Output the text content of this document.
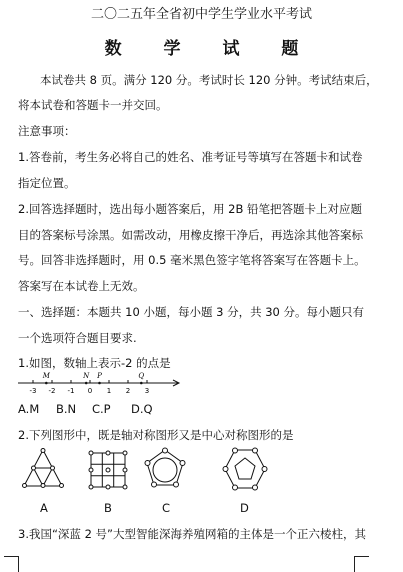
二〇二五年全省初中学生学业水平考试
数 学 试 题
本试卷共 8 页。满分 120 分。考试时长 120 分钟。考试结束后，
将本试卷和答题卡一并交回。
注意事项：
1.答卷前，考生务必将自己的姓名、准考证号等填写在答题卡和试卷
指定位置。
2.回答选择题时，选出每小题答案后，用 2B 铅笔把答题卡上对应题
目的答案标号涂黑。如需改动，用橡皮擦干净后，再选涂其他答案标
号。回答非选择题时，用 0.5 毫米黑色签字笔将答案写在答题卡上。
答案写在本试卷上无效。
一、选择题：本题共 10 小题，每小题 3 分，共 30 分。每小题只有
一个选项符合题目要求.
1.如图，数轴上表示-2 的点是
-3 -2 -1 0 1 2 3
M	N P	Q
A.M B.N C.P D.Q
2.下列图形中，既是轴对称图形又是中心对称图形的是
A	B	C	D
3.我国“深蓝 2 号”大型智能深海养殖网箱的主体是一个正六棱柱，其
